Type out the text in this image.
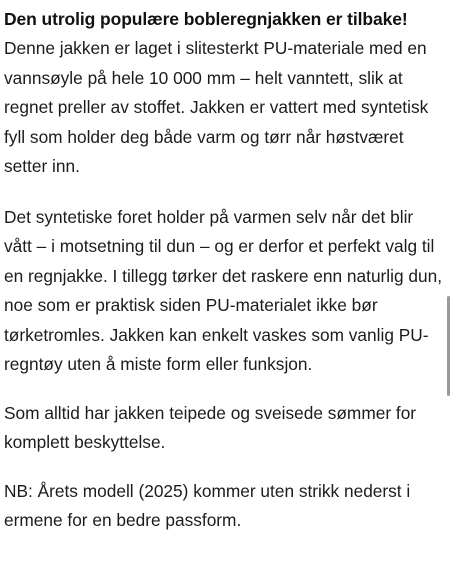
Den utrolig populære bobleregnjakken er tilbake!

Denne jakken er laget i slitesterkt PU-materiale med en vannsøyle på hele 10 000 mm – helt vanntett, slik at regnet preller av stoffet. Jakken er vattert med syntetisk fyll som holder deg både varm og tørr når høstværet setter inn.

Det syntetiske foret holder på varmen selv når det blir vått – i motsetning til dun – og er derfor et perfekt valg til en regnjakke. I tillegg tørker det raskere enn naturlig dun, noe som er praktisk siden PU-materialet ikke bør tørketromles. Jakken kan enkelt vaskes som vanlig PU-regntøy uten å miste form eller funksjon.

Som alltid har jakken teipede og sveisede sømmer for komplett beskyttelse.

NB: Årets modell (2025) kommer uten strikk nederst i ermene for en bedre passform.
